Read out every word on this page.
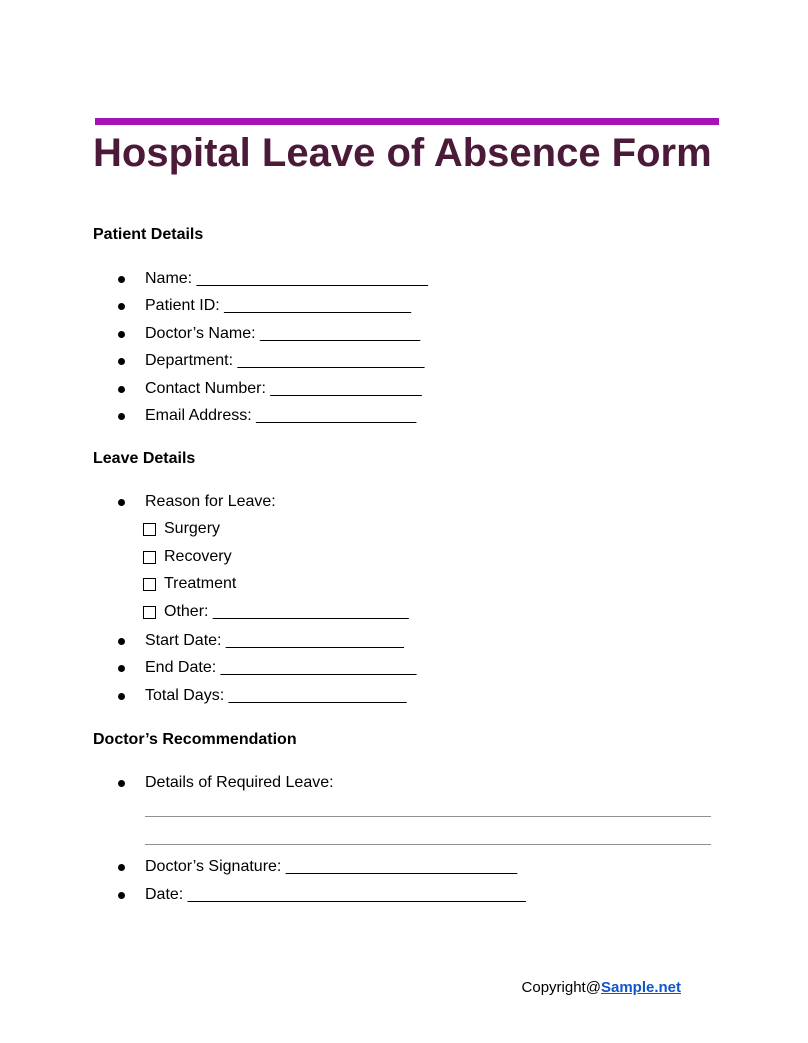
Hospital Leave of Absence Form
Patient Details
Name: __________________________
Patient ID: _____________________
Doctor’s Name: __________________
Department: _____________________
Contact Number: _________________
Email Address: __________________
Leave Details
Reason for Leave:
Surgery
Recovery
Treatment
Other: ______________________
Start Date: ____________________
End Date: ______________________
Total Days: ____________________
Doctor’s Recommendation
Details of Required Leave:
Doctor’s Signature: __________________________
Date: ______________________________________
Copyright@Sample.net
